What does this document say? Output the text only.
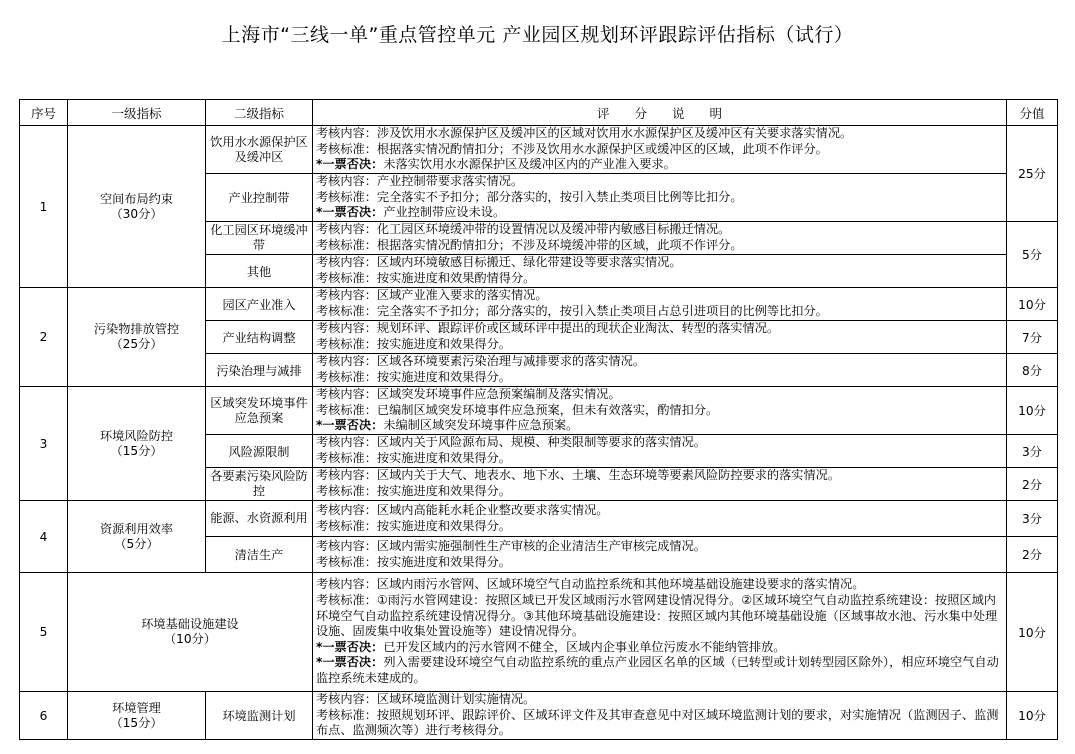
上海市“三线一单”重点管控单元 产业园区规划环评跟踪评估指标（试行）
序号	一级指标	二级指标	评　　分　　说　　明	分值
1	空间布局约束
（30分）	饮用水水源保护区及缓冲区	考核内容：涉及饮用水水源保护区及缓冲区的区域对饮用水水源保护区及缓冲区有关要求落实情况。
考核标准：根据落实情况酌情扣分；不涉及饮用水水源保护区或缓冲区的区域，此项不作评分。
*一票否决：未落实饮用水水源保护区及缓冲区内的产业准入要求。	25分
		产业控制带	考核内容：产业控制带要求落实情况。
考核标准：完全落实不予扣分；部分落实的，按引入禁止类项目比例等比扣分。
*一票否决：产业控制带应设未设。	

		化工园区环境缓冲带	考核内容：化工园区环境缓冲带的设置情况以及缓冲带内敏感目标搬迁情况。
考核标准：根据落实情况酌情扣分；不涉及环境缓冲带的区域，此项不作评分。	5分
		其他	考核内容：区域内环境敏感目标搬迁、绿化带建设等要求落实情况。
考核标准：按实施进度和效果酌情得分。	

2	污染物排放管控
（25分）	园区产业准入	考核内容：区域产业准入要求的落实情况。
考核标准：完全落实不予扣分；部分落实的，按引入禁止类项目占总引进项目的比例等比扣分。	10分
		产业结构调整	考核内容：规划环评、跟踪评价或区域环评中提出的现状企业淘汰、转型的落实情况。
考核标准：按实施进度和效果得分。	7分
		污染治理与减排	考核内容：区域各环境要素污染治理与减排要求的落实情况。
考核标准：按实施进度和效果得分。	8分
3	环境风险防控
（15分）	区域突发环境事件应急预案	考核内容：区域突发环境事件应急预案编制及落实情况。
考核标准：已编制区域突发环境事件应急预案，但未有效落实，酌情扣分。
*一票否决：未编制区域突发环境事件应急预案。	10分
		风险源限制	考核内容：区域内关于风险源布局、规模、种类限制等要求的落实情况。
考核标准：按实施进度和效果得分。	3分

		各要素污染风险防控	考核内容：区域内关于大气、地表水、地下水、土壤、生态环境等要素风险防控要求的落实情况。
考核标准：按实施进度和效果得分。	2分
4	资源利用效率
（5分）	能源、水资源利用	考核内容：区域内高能耗水耗企业整改要求落实情况。
考核标准：按实施进度和效果得分。	3分
		清洁生产	考核内容：区域内需实施强制性生产审核的企业清洁生产审核完成情况。
考核标准：按实施进度和效果得分。	2分
5	环境基础设施建设
（10分）		考核内容：区域内雨污水管网、区域环境空气自动监控系统和其他环境基础设施建设要求的落实情况。
考核标准：①雨污水管网建设：按照区域已开发区域雨污水管网建设情况得分。②区域环境空气自动监控系统建设：按照区域内环境空气自动监控系统建设情况得分。③其他环境基础设施建设：按照区域内其他环境基础设施（区域事故水池、污水集中处理设施、固废集中收集处置设施等）建设情况得分。
*一票否决：已开发区域内的污水管网不健全，区域内企事业单位污废水不能纳管排放。
*一票否决：列入需要建设环境空气自动监控系统的重点产业园区名单的区域（已转型或计划转型园区除外），相应环境空气自动监控系统未建成的。	10分
6	环境管理
（15分）	环境监测计划	考核内容：区域环境监测计划实施情况。
考核标准：按照规划环评、跟踪评价、区域环评文件及其审查意见中对区域环境监测计划的要求，对实施情况（监测因子、监测布点、监测频次等）进行考核得分。	10分
